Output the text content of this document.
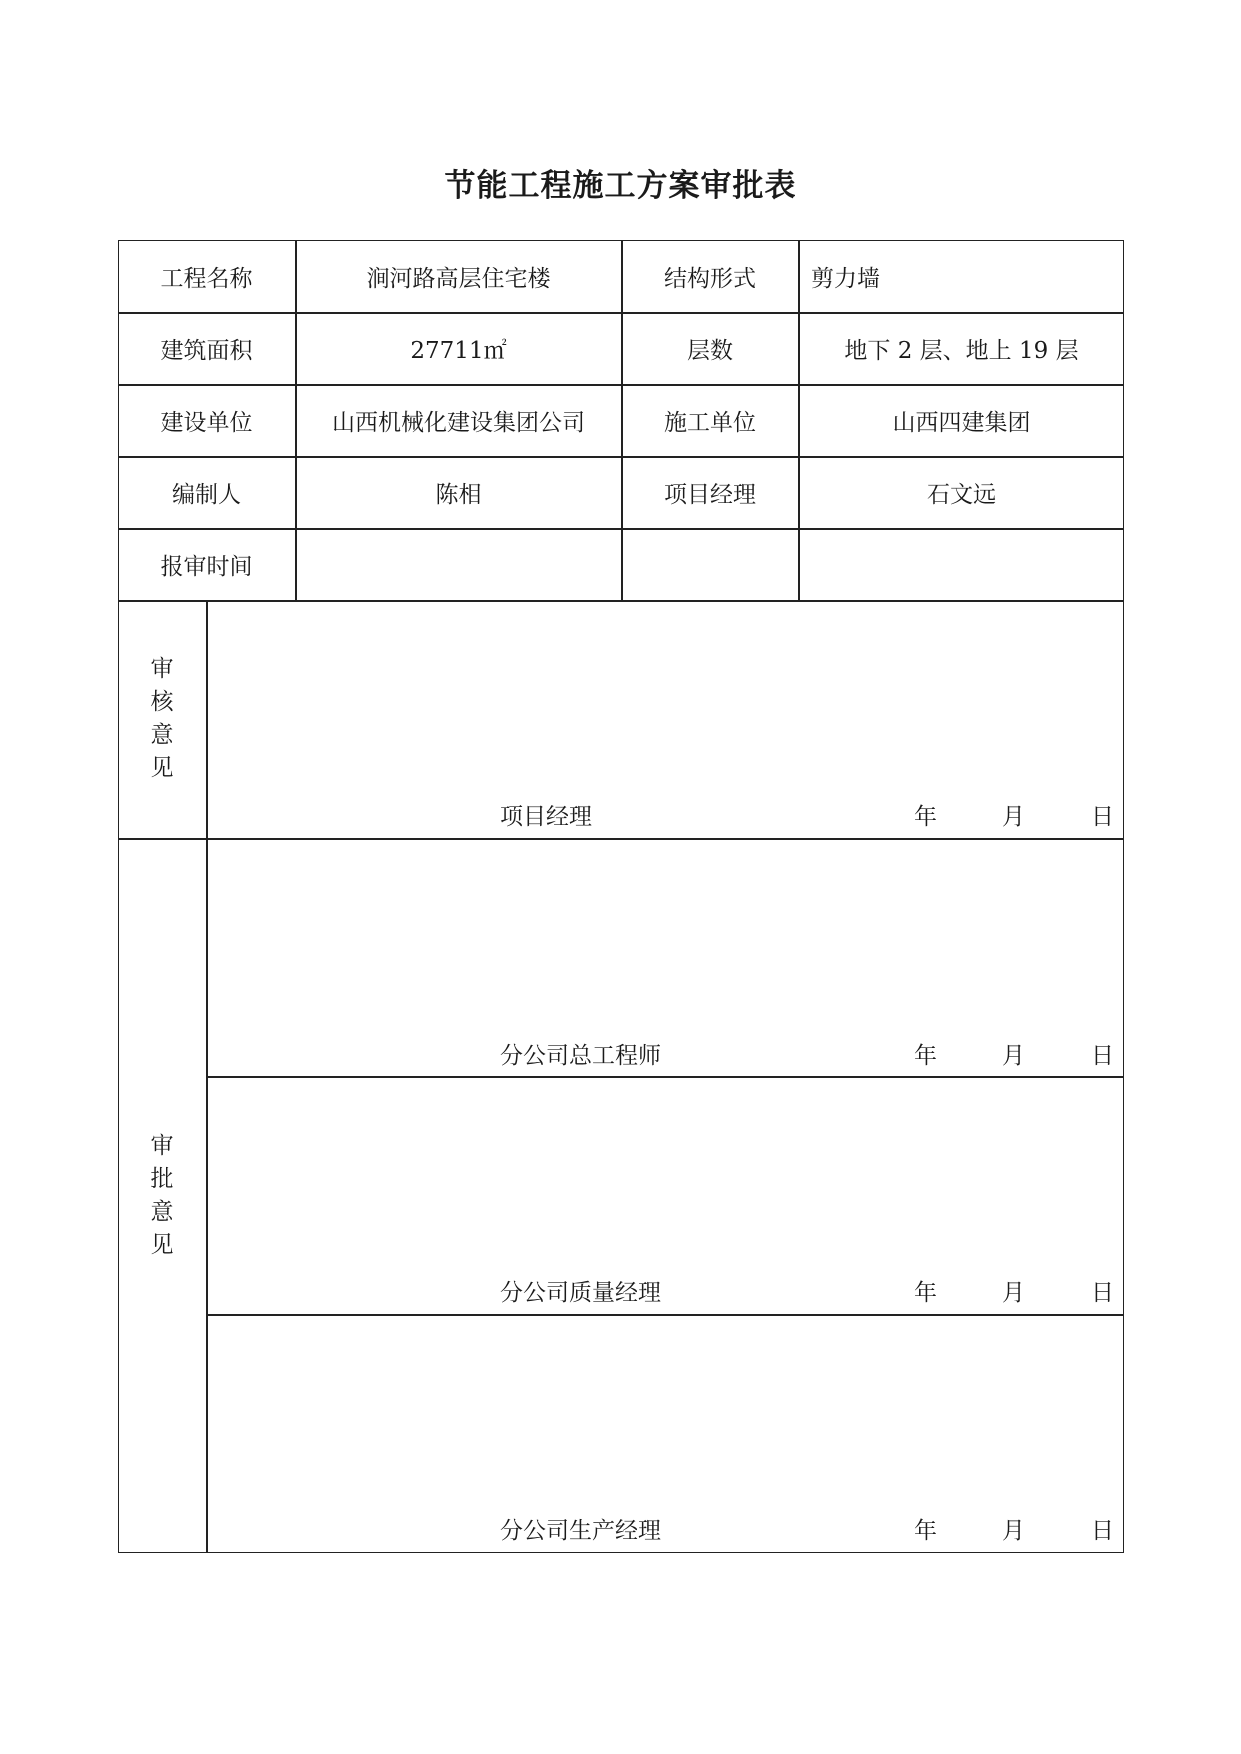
节能工程施工方案审批表
工程名称	涧河路高层住宅楼	结构形式	剪力墙
建筑面积	27711㎡	层数	地下 2 层、地上 19 层
建设单位	山西机械化建设集团公司	施工单位	山西四建集团
编制人	陈相	项目经理	石文远
报审时间
审
核
意
见
项目经理	年	月	日
审
批
意
见
分公司总工程师	年	月	日
分公司质量经理	年	月	日
分公司生产经理	年	月	日
